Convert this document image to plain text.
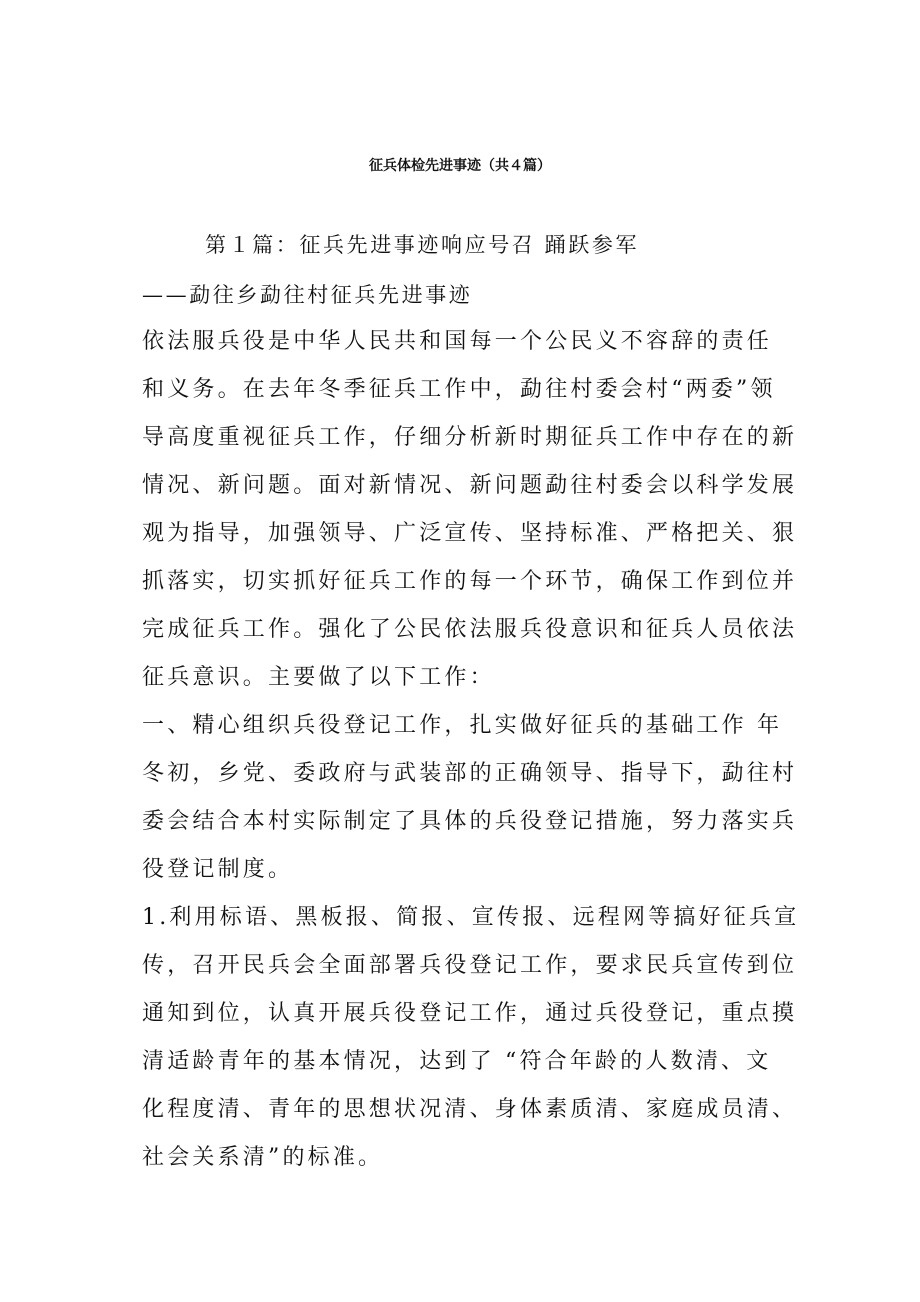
征兵体检先进事迹（共４篇）
第１篇：征兵先进事迹响应号召 踊跃参军
——勐往乡勐往村征兵先进事迹
依法服兵役是中华人民共和国每一个公民义不容辞的责任
和义务。在去年冬季征兵工作中，勐往村委会村“两委”领
导高度重视征兵工作，仔细分析新时期征兵工作中存在的新
情况、新问题。面对新情况、新问题勐往村委会以科学发展
观为指导，加强领导、广泛宣传、坚持标准、严格把关、狠
抓落实，切实抓好征兵工作的每一个环节，确保工作到位并
完成征兵工作。强化了公民依法服兵役意识和征兵人员依法
征兵意识。主要做了以下工作：
一、精心组织兵役登记工作，扎实做好征兵的基础工作 年
冬初，乡党、委政府与武装部的正确领导、指导下，勐往村
委会结合本村实际制定了具体的兵役登记措施，努力落实兵
役登记制度。
1.利用标语、黑板报、简报、宣传报、远程网等搞好征兵宣
传，召开民兵会全面部署兵役登记工作，要求民兵宣传到位
通知到位，认真开展兵役登记工作，通过兵役登记，重点摸
清适龄青年的基本情况，达到了 “符合年龄的人数清、文
化程度清、青年的思想状况清、身体素质清、家庭成员清、
社会关系清”的标准。
